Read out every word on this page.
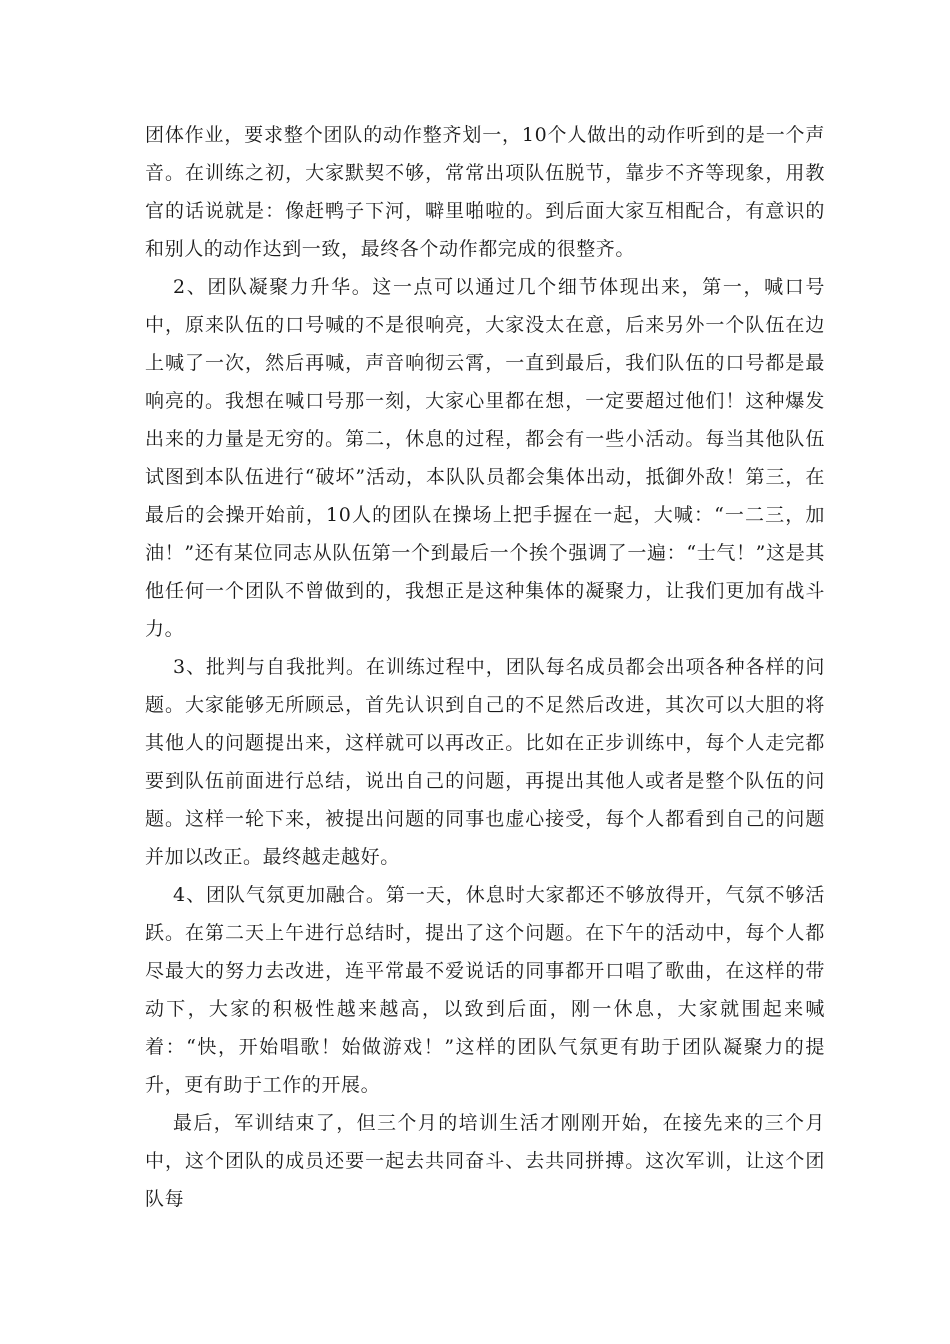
团体作业，要求整个团队的动作整齐划一，10个人做出的动作听到的是一个声音。在训练之初，大家默契不够，常常出项队伍脱节，靠步不齐等现象，用教官的话说就是：像赶鸭子下河，噼里啪啦的。到后面大家互相配合，有意识的和别人的动作达到一致，最终各个动作都完成的很整齐。

2、团队凝聚力升华。这一点可以通过几个细节体现出来，第一，喊口号中，原来队伍的口号喊的不是很响亮，大家没太在意，后来另外一个队伍在边上喊了一次，然后再喊，声音响彻云霄，一直到最后，我们队伍的口号都是最响亮的。我想在喊口号那一刻，大家心里都在想，一定要超过他们！这种爆发出来的力量是无穷的。第二，休息的过程，都会有一些小活动。每当其他队伍试图到本队伍进行“破坏”活动，本队队员都会集体出动，抵御外敌！第三，在最后的会操开始前，10人的团队在操场上把手握在一起，大喊：“一二三，加油！”还有某位同志从队伍第一个到最后一个挨个强调了一遍：“士气！”这是其他任何一个团队不曾做到的，我想正是这种集体的凝聚力，让我们更加有战斗力。

3、批判与自我批判。在训练过程中，团队每名成员都会出项各种各样的问题。大家能够无所顾忌，首先认识到自己的不足然后改进，其次可以大胆的将其他人的问题提出来，这样就可以再改正。比如在正步训练中，每个人走完都要到队伍前面进行总结，说出自己的问题，再提出其他人或者是整个队伍的问题。这样一轮下来，被提出问题的同事也虚心接受，每个人都看到自己的问题并加以改正。最终越走越好。

4、团队气氛更加融合。第一天，休息时大家都还不够放得开，气氛不够活跃。在第二天上午进行总结时，提出了这个问题。在下午的活动中，每个人都尽最大的努力去改进，连平常最不爱说话的同事都开口唱了歌曲，在这样的带动下，大家的积极性越来越高，以致到后面，刚一休息，大家就围起来喊着：“快，开始唱歌！始做游戏！”这样的团队气氛更有助于团队凝聚力的提升，更有助于工作的开展。

最后，军训结束了，但三个月的培训生活才刚刚开始，在接先来的三个月中，这个团队的成员还要一起去共同奋斗、去共同拼搏。这次军训，让这个团队每
